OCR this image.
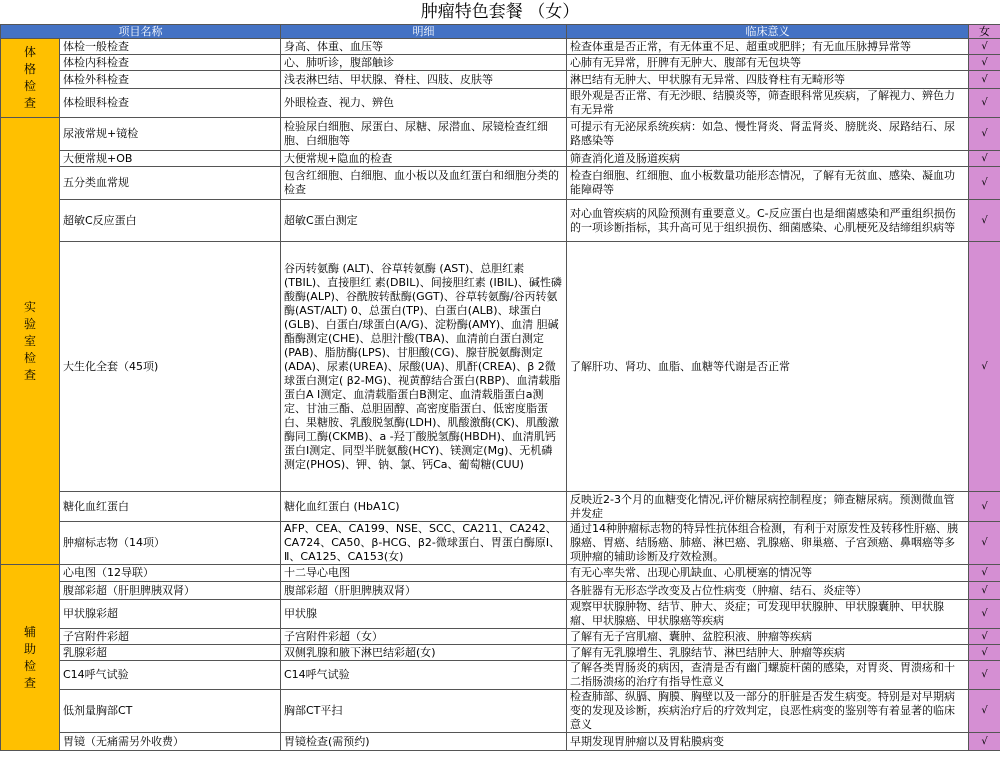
肿瘤特色套餐 （女）
项目名称		明细	临床意义	女
体
格
检
查	体检一般检查	身高、体重、血压等	检查体重是否正常，有无体重不足、超重或肥胖；有无血压脉搏异常等	√
	体检内科检查	心、肺听诊，腹部触诊	心肺有无异常，肝脾有无肿大、腹部有无包块等	√
	体检外科检查	浅表淋巴结、甲状腺、脊柱、四肢、皮肤等	淋巴结有无肿大、甲状腺有无异常、四肢脊柱有无畸形等	√
	体检眼科检查	外眼检查、视力、辨色	眼外观是否正常、有无沙眼、结膜炎等，筛查眼科常见疾病，了解视力、辨色力有无异常	√
实
验
室
检
查	尿液常规+镜检	检验尿白细胞、尿蛋白、尿糖、尿潜血、尿镜检查红细胞、白细胞等	可提示有无泌尿系统疾病：如急、慢性肾炎、肾盂肾炎、膀胱炎、尿路结石、尿路感染等	√
	大便常规+OB	大便常规+隐血的检查	筛查消化道及肠道疾病	√
	五分类血常规	包含红细胞、白细胞、血小板以及血红蛋白和细胞分类的检查	检查白细胞、红细胞、血小板数量功能形态情况，了解有无贫血、感染、凝血功能障碍等	√
	超敏C反应蛋白	超敏C蛋白测定	对心血管疾病的风险预测有重要意义。C-反应蛋白也是细菌感染和严重组织损伤的一项诊断指标，其升高可见于组织损伤、细菌感染、心肌梗死及结缔组织病等	√
	大生化全套（45项)	谷丙转氨酶 (ALT)、谷草转氨酶 (AST)、总胆红素(TBIL)、直接胆红 素(DBIL)、间接胆红素 (IBIL)、碱性磷酸酶(ALP)、谷酰胺转酞酶(GGT)、谷草转氨酶/谷丙转氨酶(AST/ALT) 0、总蛋白(TP)、白蛋白(ALB)、球蛋白(GLB)、白蛋白/球蛋白(A/G)、淀粉酶(AMY)、血清 胆碱酯酶测定(CHE)、总胆汁酸(TBA)、血清前白蛋白测定(PAB)、脂肪酶(LPS)、甘胆酸(CG)、腺苷脱氨酶测定(ADA)、尿素(UREA)、尿酸(UA)、肌酐(CREA)、β 2微球蛋白测定( β2-MG)、视黄醇结合蛋白(RBP)、血清载脂蛋白A Ⅰ测定、血清载脂蛋白B测定、血清载脂蛋白a测定、甘油三酯、总胆固醇、高密度脂蛋白、低密度脂蛋白、果糖胺、乳酸脱氢酶(LDH)、肌酸激酶(CK)、肌酸激酶同工酶(CKMB)、a -羟丁酸脱氢酶(HBDH)、血清肌钙蛋白I测定、同型半胱氨酸(HCY)、镁测定(Mg)、无机磷测定(PHOS)、钾、钠、氯、钙Ca、葡萄糖(CUU)	了解肝功、肾功、血脂、血糖等代谢是否正常	√
	糖化血红蛋白	糖化血红蛋白 (HbA1C)	反映近2-3个月的血糖变化情况,评价糖尿病控制程度；筛查糖尿病。预测微血管并发症	√
	肿瘤标志物（14项）	AFP、CEA、CA199、NSE、SCC、CA211、CA242、CA724、CA50、β-HCG、β2-微球蛋白、胃蛋白酶原Ⅰ、Ⅱ、CA125、CA153(女)	通过14种肿瘤标志物的特异性抗体组合检测，有利于对原发性及转移性肝癌、胰腺癌、胃癌、结肠癌、肺癌、淋巴癌、乳腺癌、卵巢癌、子宫颈癌、鼻咽癌等多项肿瘤的辅助诊断及疗效检测。	√
辅
助
检
查	心电图（12导联）	十二导心电图	有无心率失常、出现心肌缺血、心肌梗塞的情况等	√
	腹部彩超（肝胆脾胰双肾）	腹部彩超（肝胆脾胰双肾）	各脏器有无形态学改变及占位性病变（肿瘤、结石、炎症等）	√
	甲状腺彩超	甲状腺	观察甲状腺肿物、结节、肿大、炎症；可发现甲状腺肿、甲状腺囊肿、甲状腺瘤、甲状腺癌、甲状腺癌等疾病	√
	子宫附件彩超	子宫附件彩超（女）	了解有无子宫肌瘤、囊肿、盆腔积液、肿瘤等疾病	√
	乳腺彩超	双侧乳腺和腋下淋巴结彩超(女)	了解有无乳腺增生、乳腺结节、淋巴结肿大、肿瘤等疾病	√
	C14呼气试验	C14呼气试验	了解各类胃肠炎的病因，查清是否有幽门螺旋杆菌的感染，对胃炎、胃溃疡和十二指肠溃疡的治疗有指导性意义	√
	低剂量胸部CT	胸部CT平扫	检查肺部、纵膈、胸膜、胸壁以及一部分的肝脏是否发生病变。特别是对早期病变的发现及诊断，疾病治疗后的疗效判定，良恶性病变的鉴别等有着显著的临床意义	√
	胃镜（无痛需另外收费）	胃镜检查(需预约)	早期发现胃肿瘤以及胃粘膜病变	√
